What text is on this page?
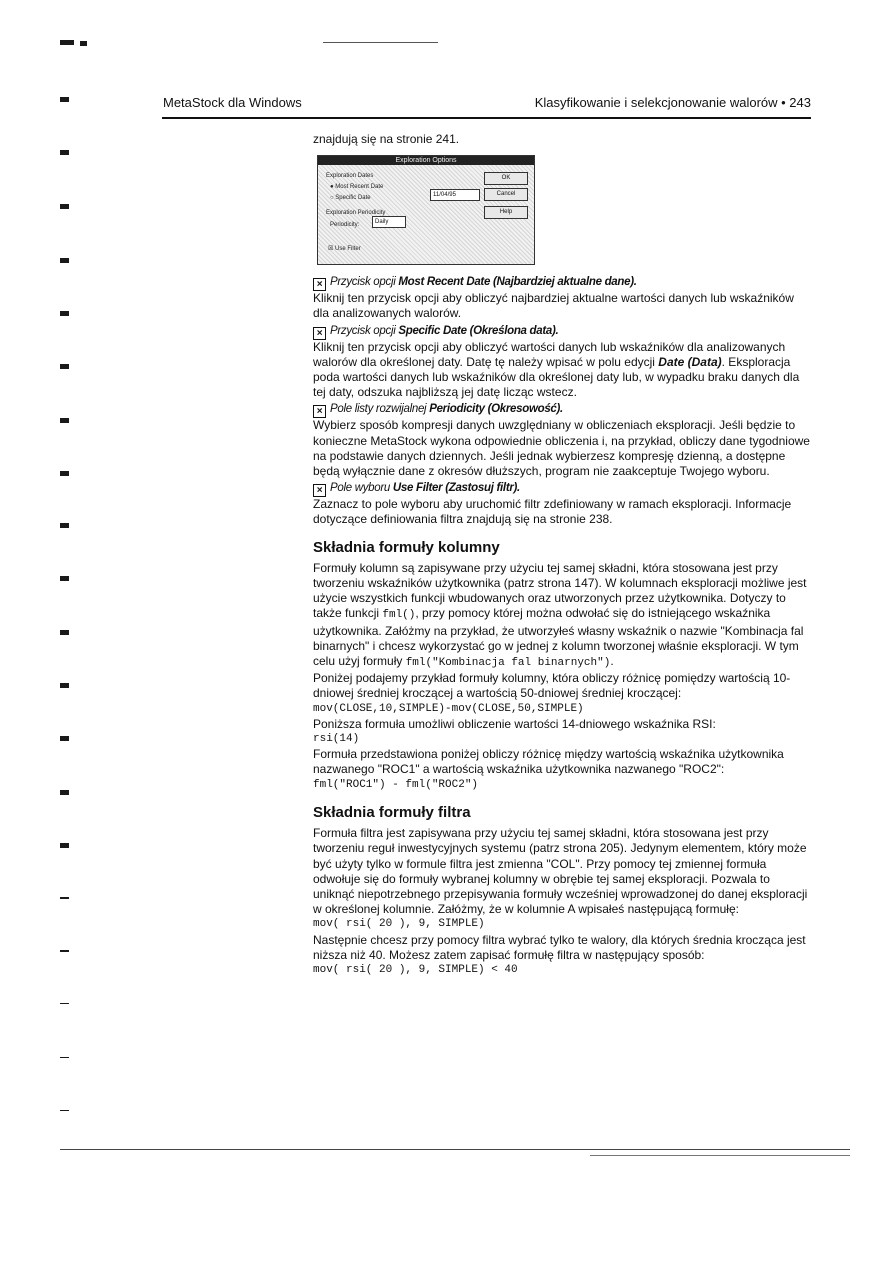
MetaStock dla Windows	Klasyfikowanie i selekcjonowanie walorów • 243

znajdują się na stronie 241.

Exploration Options
Exploration Dates
● Most Recent Date
○ Specific Date	11/04/95
Exploration Periodicity
Periodicity:	Daily
☒ Use Filter
OK
Cancel
Help
× Przycisk opcji Most Recent Date (Najbardziej aktualne dane).

Kliknij ten przycisk opcji aby obliczyć najbardziej aktualne wartości danych lub wskaźników dla analizowanych walorów.

× Przycisk opcji Specific Date (Określona data).

Kliknij ten przycisk opcji aby obliczyć wartości danych lub wskaźników dla analizowanych walorów dla określonej daty. Datę tę należy wpisać w polu edycji Date (Data). Eksploracja poda wartości danych lub wskaźników dla określonej daty lub, w wypadku braku danych dla tej daty, odszuka najbliższą jej datę licząc wstecz.

× Pole listy rozwijalnej Periodicity (Okresowość).

Wybierz sposób kompresji danych uwzględniany w obliczeniach eksploracji. Jeśli będzie to konieczne MetaStock wykona odpowiednie obliczenia i, na przykład, obliczy dane tygodniowe na podstawie danych dziennych. Jeśli jednak wybierzesz kompresję dzienną, a dostępne będą wyłącznie dane z okresów dłuższych, program nie zaakceptuje Twojego wyboru.

× Pole wyboru Use Filter (Zastosuj filtr).

Zaznacz to pole wyboru aby uruchomić filtr zdefiniowany w ramach eksploracji. Informacje dotyczące definiowania filtra znajdują się na stronie 238.

Składnia formuły kolumny

Formuły kolumn są zapisywane przy użyciu tej samej składni, która stosowana jest przy tworzeniu wskaźników użytkownika (patrz strona 147). W kolumnach eksploracji możliwe jest użycie wszystkich funkcji wbudowanych oraz utworzonych przez użytkownika. Dotyczy to także funkcji fml(), przy pomocy której można odwołać się do istniejącego wskaźnika użytkownika. Załóżmy na przykład, że utworzyłeś własny wskaźnik o nazwie "Kombinacja fal binarnych" i chcesz wykorzystać go w jednej z kolumn tworzonej właśnie eksploracji. W tym celu użyj formuły fml("Kombinacja fal binarnych").

Poniżej podajemy przykład formuły kolumny, która obliczy różnicę pomiędzy wartością 10-dniowej średniej kroczącej a wartością 50-dniowej średniej kroczącej:

mov(CLOSE,10,SIMPLE)-mov(CLOSE,50,SIMPLE)

Poniższa formuła umożliwi obliczenie wartości 14-dniowego wskaźnika RSI:

rsi(14)

Formuła przedstawiona poniżej obliczy różnicę między wartością wskaźnika użytkownika nazwanego "ROC1" a wartością wskaźnika użytkownika nazwanego "ROC2":

fml("ROC1") - fml("ROC2")

Składnia formuły filtra

Formuła filtra jest zapisywana przy użyciu tej samej składni, która stosowana jest przy tworzeniu reguł inwestycyjnych systemu (patrz strona 205). Jedynym elementem, który może być użyty tylko w formule filtra jest zmienna "COL". Przy pomocy tej zmiennej formuła odwołuje się do formuły wybranej kolumny w obrębie tej samej eksploracji. Pozwala to uniknąć niepotrzebnego przepisywania formuły wcześniej wprowadzonej do danej eksploracji w określonej kolumnie. Załóżmy, że w kolumnie A wpisałeś następującą formułę:

mov( rsi( 20 ), 9, SIMPLE)

Następnie chcesz przy pomocy filtra wybrać tylko te walory, dla których średnia krocząca jest niższa niż 40. Możesz zatem zapisać formułę filtra w następujący sposób:

mov( rsi( 20 ), 9, SIMPLE) < 40
